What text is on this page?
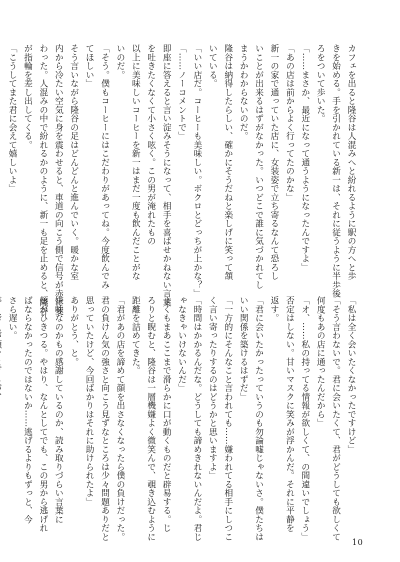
カフェを出ると隆谷は人混みへと紛れるように駅の方へと歩

きを始める。手を引かれている新一は、それに従うように半歩後

ろをついて歩いた。

「……まさか、最近になって通うようになったんですよ」

「あの店は前からよく行ってたのかな」

新一の家で通っていた店に、女装姿で立ち寄るなんて恐ろし

いことが出来るはずがなかった。いつどこで誰に気づかれてし

まうかわからないのだ。

隆谷は納得したらしい、確かにそうだねと楽しげに笑って頷

いている。

「いい店だ。コーヒーも美味しい。ボクロとどっちが上かな？」

「……ノーコメントで」

即座に答えると言い淀みそうになって、相手を喜ばせかねない言葉

を吐きたくなくて小さく呟く。この男が淹れたもの

以上に美味しいコーヒーを新一はまだ一度も飲んだことがな

いのだ。

「そう。僕もコーヒーにはこだわりがあってね。今度飲んでみ

てほしい」

そう言いながら隆谷の足はどんどんと進んでいく。暖かな室

内から冷たい空気に身を震わせると、車道の向こう側で信号が赤に変

わった。人混みの中で紛れるかのように、新一も足を止めると、隆谷

が指輪を差し出してくる。

「こうしてまた君に会えて嬉しいよ」

「私は全く会いたくなかったですけど」

「そう言わないで。君に会いたくて、君がどうしても欲しくて

何度もあの店に通ったんだから」

「オ、……私の持ってる情報が欲しくて、の間違いでしょう」

否定はしない。甘いマスクに笑みが浮かんだ。それに平静を

返す。

「君に会いたかったっていうのも勿論嘘じゃないさ。僕たちは

いい関係を築けるはずだ」

「一方的にそんなこと言われても……嫌われてる相手にしつこ

く言い寄ったりするのはどうかと思いますよ」

「時間はかかるんだな。どうしても諦めきれないんだよ。君じ

ゃなきゃいけないんだ」

よくもまあここまで滑らかに口が動くものだと辟易する。じ

ろりと睨むと、隆谷は一層機嫌よく微笑んで、覗き込むように

距離を詰めてきた。

「君があの店を諦めて顔を出さなくなったら僕の負けだった。

君の負けん気の強さと向こう見ずなところは少々問題ありだと

思っていたけど、今回ばかりはそれに助けられたよ」

ありがとう、と。

嫌味なのかもの感謝しているのか、読み取りづらい言葉に

頬がひきつる。やはり、なんとしてでも、この男から逃げれ

ばならなかったのではないか……逃げるよりもずっと、今

さら遅い。

10
